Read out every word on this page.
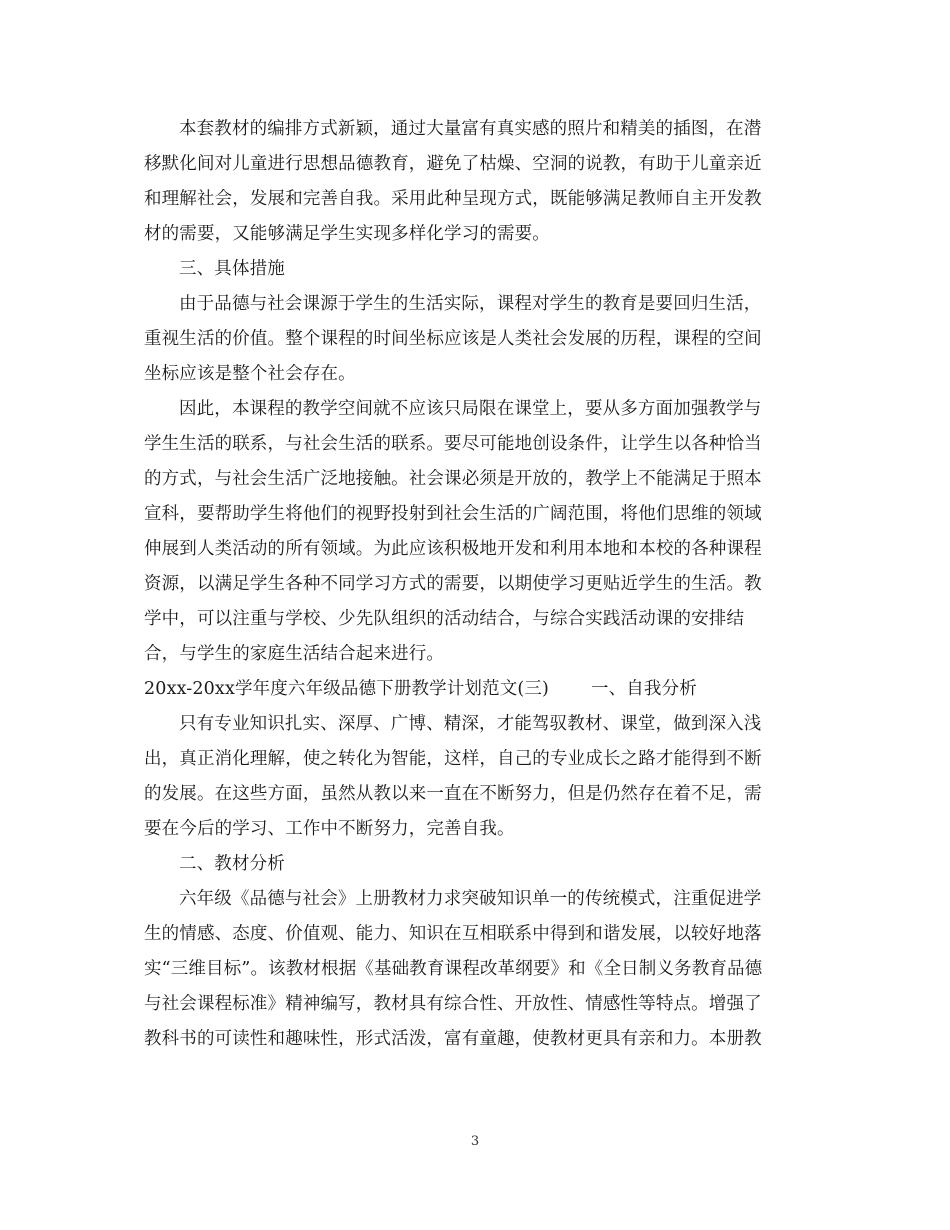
本套教材的编排方式新颖，通过大量富有真实感的照片和精美的插图，在潜
移默化间对儿童进行思想品德教育，避免了枯燥、空洞的说教，有助于儿童亲近
和理解社会，发展和完善自我。采用此种呈现方式，既能够满足教师自主开发教
材的需要，又能够满足学生实现多样化学习的需要。
三、具体措施
由于品德与社会课源于学生的生活实际，课程对学生的教育是要回归生活，
重视生活的价值。整个课程的时间坐标应该是人类社会发展的历程，课程的空间
坐标应该是整个社会存在。
因此，本课程的教学空间就不应该只局限在课堂上，要从多方面加强教学与
学生生活的联系，与社会生活的联系。要尽可能地创设条件，让学生以各种恰当
的方式，与社会生活广泛地接触。社会课必须是开放的，教学上不能满足于照本
宣科，要帮助学生将他们的视野投射到社会生活的广阔范围，将他们思维的领域
伸展到人类活动的所有领域。为此应该积极地开发和利用本地和本校的各种课程
资源，以满足学生各种不同学习方式的需要，以期使学习更贴近学生的生活。教
学中，可以注重与学校、少先队组织的活动结合，与综合实践活动课的安排结
合，与学生的家庭生活结合起来进行。
20xx-20xx学年度六年级品德下册教学计划范文(三) 一、自我分析
只有专业知识扎实、深厚、广博、精深，才能驾驭教材、课堂，做到深入浅
出，真正消化理解，使之转化为智能，这样，自己的专业成长之路才能得到不断
的发展。在这些方面，虽然从教以来一直在不断努力，但是仍然存在着不足，需
要在今后的学习、工作中不断努力，完善自我。
二、教材分析
六年级《品德与社会》上册教材力求突破知识单一的传统模式，注重促进学
生的情感、态度、价值观、能力、知识在互相联系中得到和谐发展，以较好地落
实“三维目标”。该教材根据《基础教育课程改革纲要》和《全日制义务教育品德
与社会课程标准》精神编写，教材具有综合性、开放性、情感性等特点。增强了
教科书的可读性和趣味性，形式活泼，富有童趣，使教材更具有亲和力。本册教
3
